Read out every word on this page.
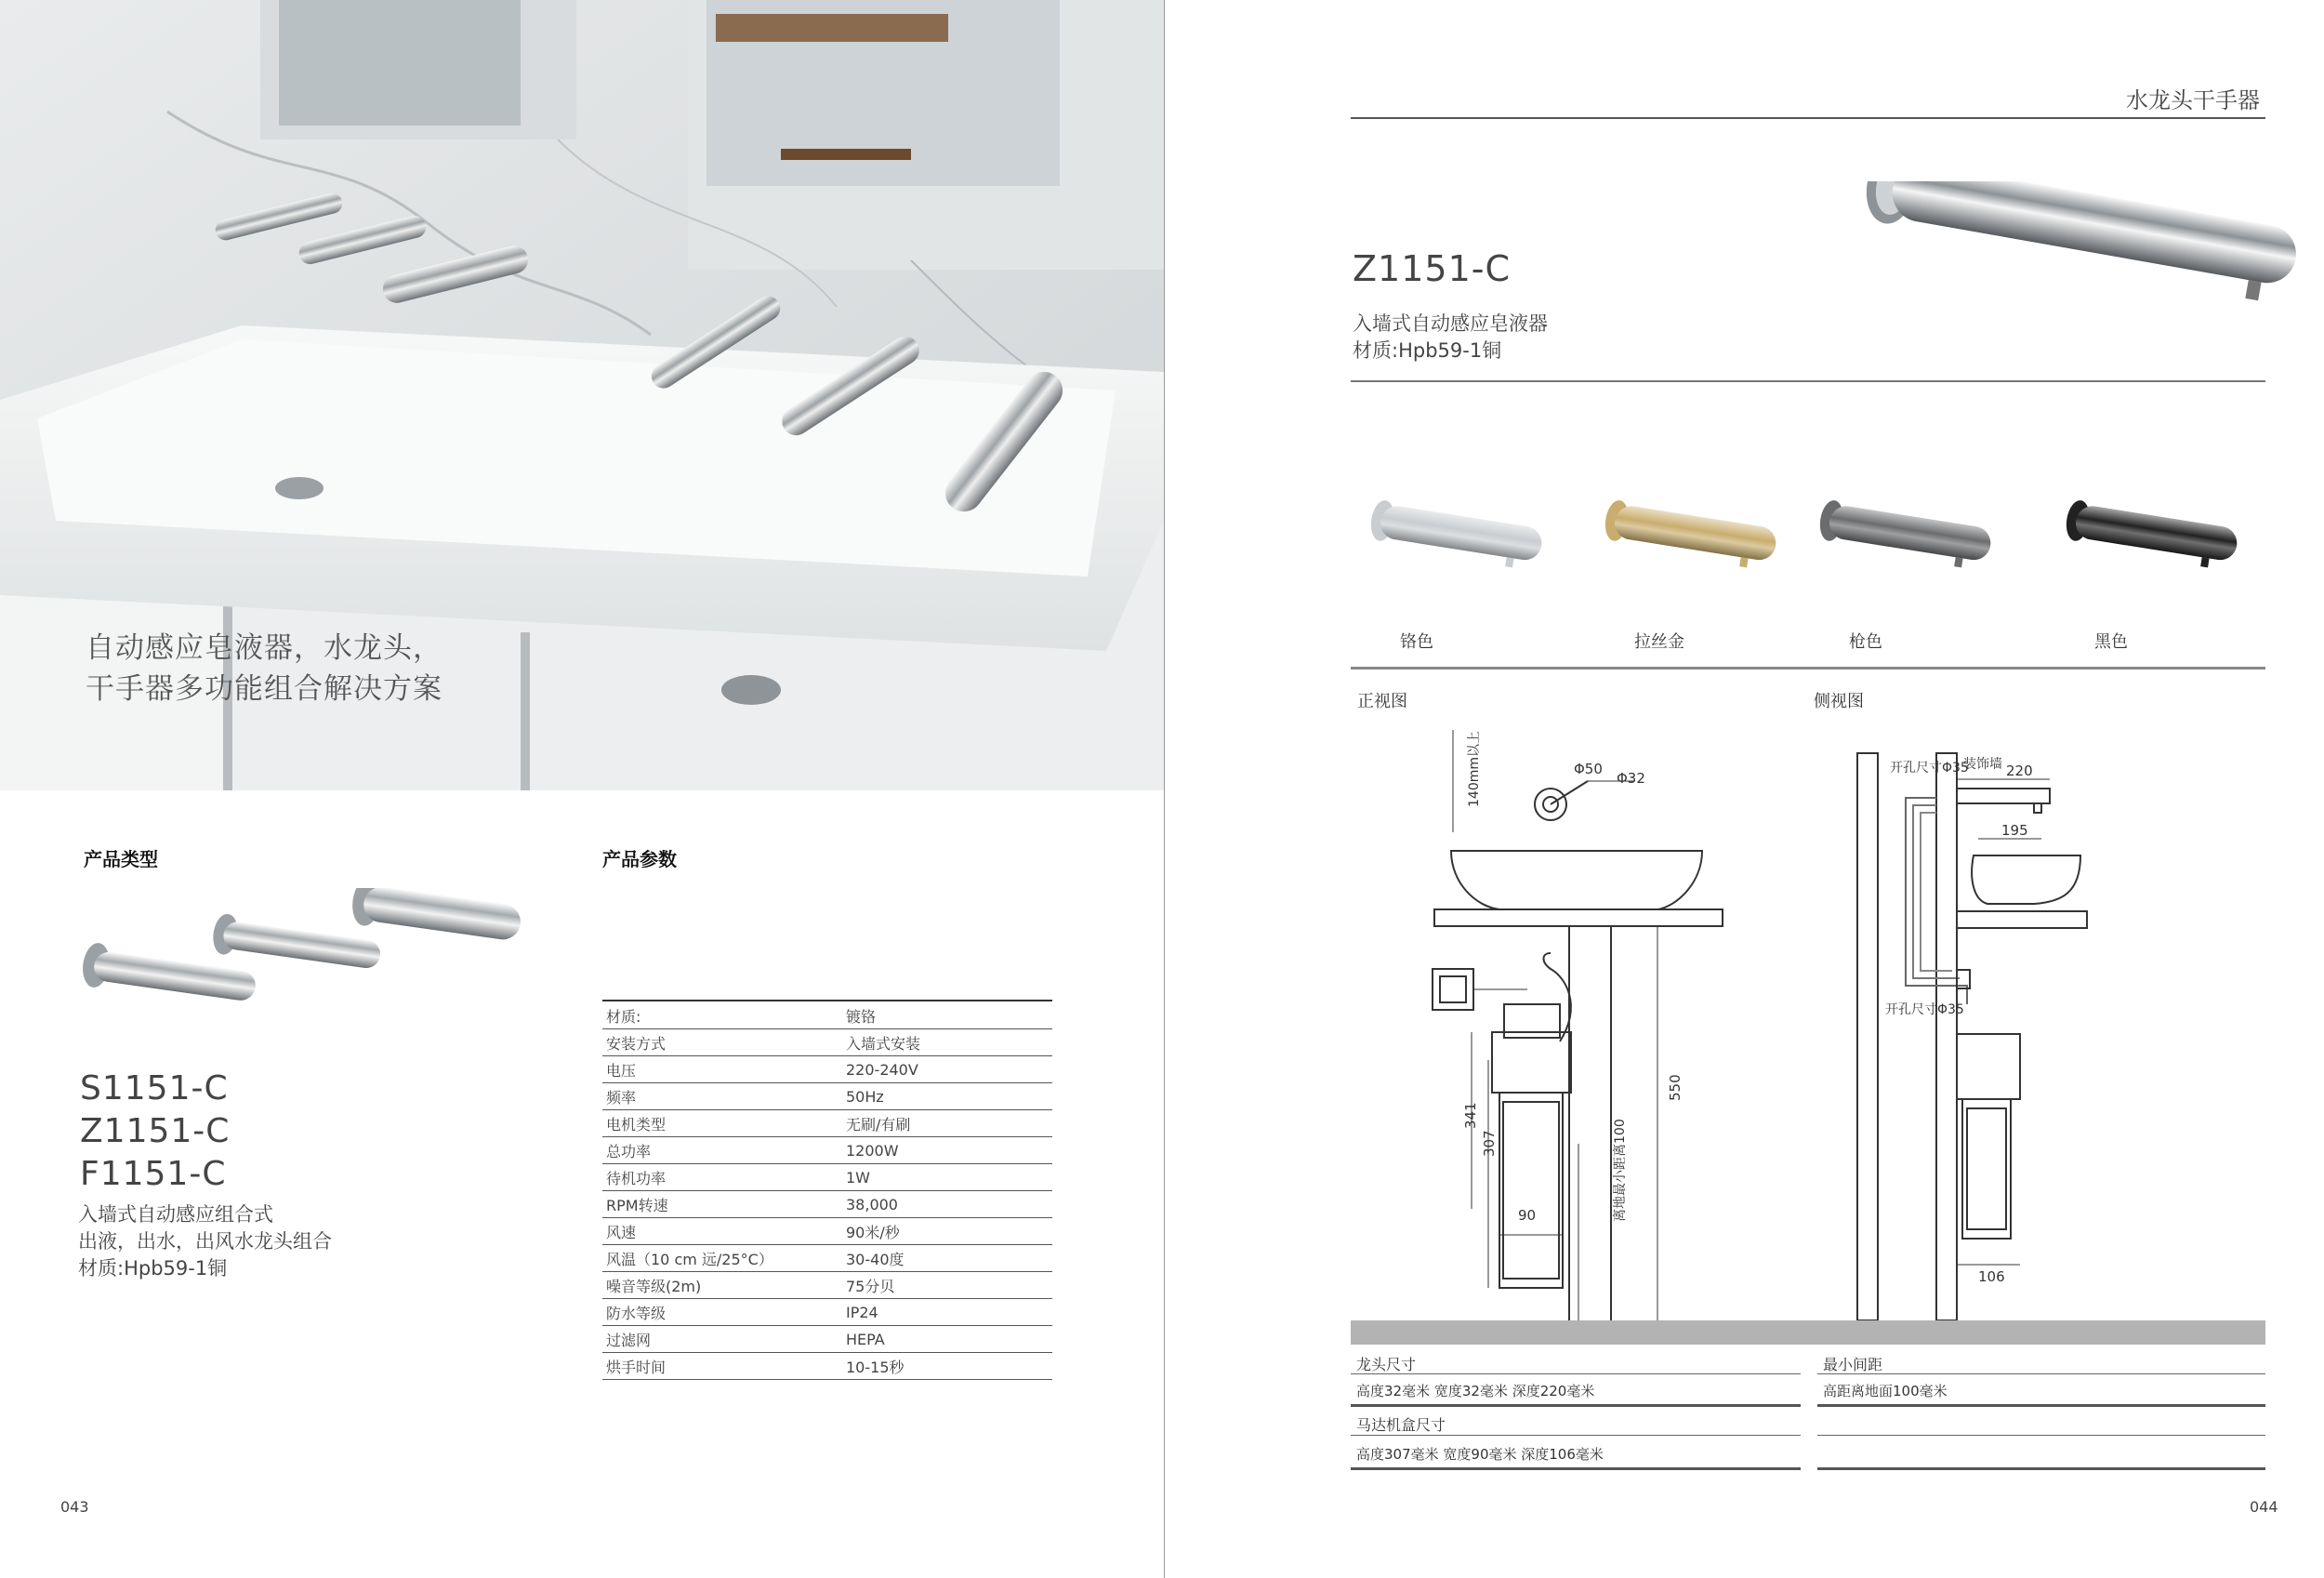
自动感应皂液器，水龙头，
干手器多功能组合解决方案
产品类型	产品参数
S1151-C
Z1151-C
F1151-C
入墙式自动感应组合式
出液，出水，出风水龙头组合
材质:Hpb59-1铜
材质:	镀铬
安装方式	入墙式安装
电压	220-240V
频率	50Hz
电机类型	无刷/有刷
总功率	1200W
待机功率	1W
RPM转速	38,000
风速	90米/秒
风温（10 cm 远/25°C）	30-40度
噪音等级(2m)	75分贝
防水等级	IP24
过滤网	HEPA
烘手时间	10-15秒
043
水龙头干手器
Z1151-C
入墙式自动感应皂液器
材质:Hpb59-1铜
铬色	拉丝金	枪色	黑色
正视图	侧视图
140mm以上	Φ50
Φ32
341
307
550
离地最小距离100
90
开孔尺寸Φ35
装饰墙 220
195
开孔尺寸Φ35
106
龙头尺寸
高度32毫米 宽度32毫米 深度220毫米
马达机盒尺寸
高度307毫米 宽度90毫米 深度106毫米
最小间距
高距离地面100毫米
044
